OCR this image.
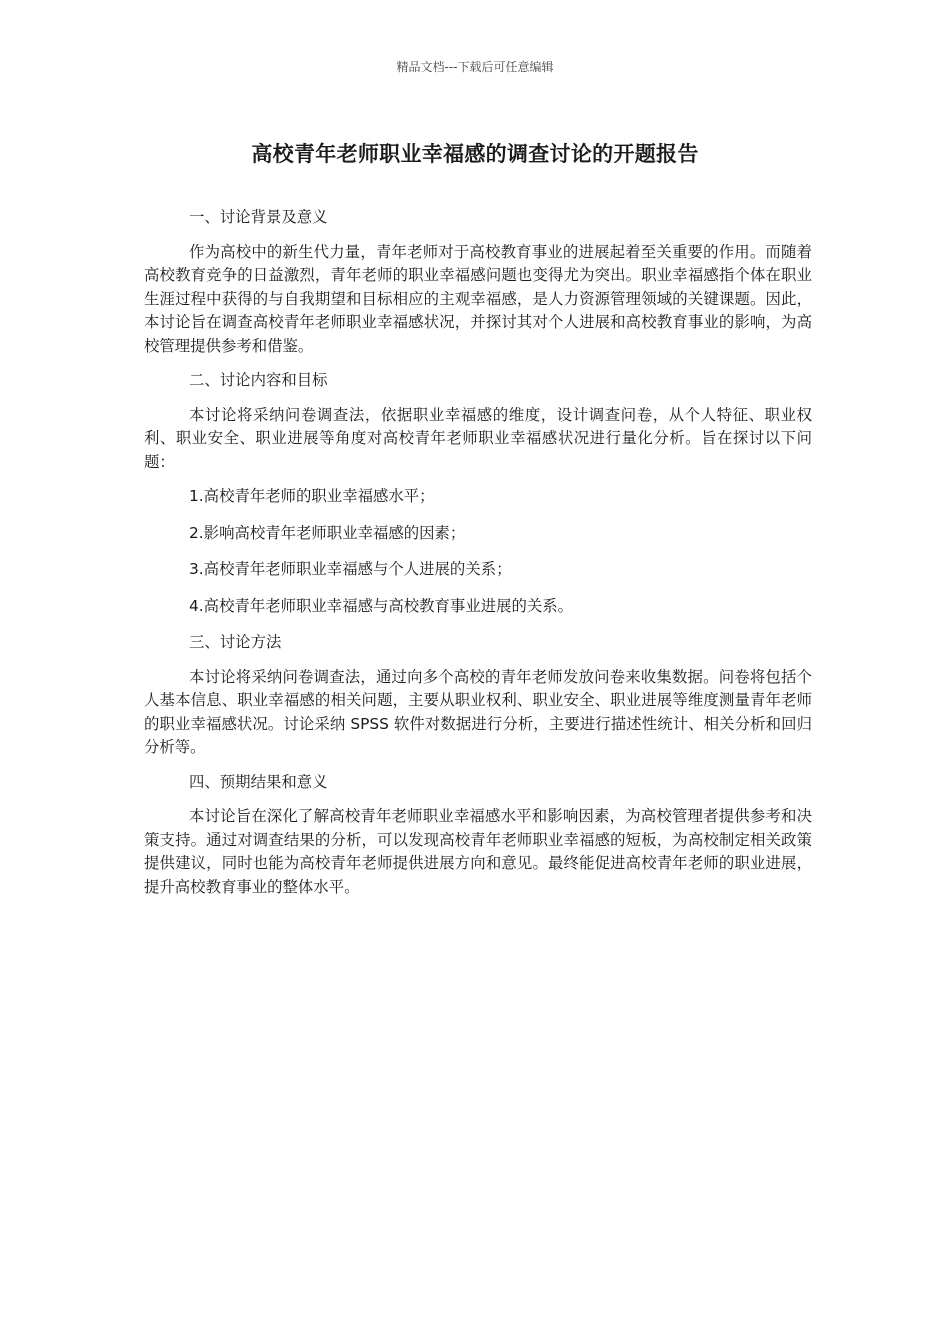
精品文档---下载后可任意编辑
高校青年老师职业幸福感的调查讨论的开题报告

一、讨论背景及意义

作为高校中的新生代力量，青年老师对于高校教育事业的进展起着至关重要的作用。而随着高校教育竞争的日益激烈，青年老师的职业幸福感问题也变得尤为突出。职业幸福感指个体在职业生涯过程中获得的与自我期望和目标相应的主观幸福感，是人力资源管理领域的关键课题。因此，本讨论旨在调查高校青年老师职业幸福感状况，并探讨其对个人进展和高校教育事业的影响，为高校管理提供参考和借鉴。

二、讨论内容和目标

本讨论将采纳问卷调查法，依据职业幸福感的维度，设计调查问卷，从个人特征、职业权利、职业安全、职业进展等角度对高校青年老师职业幸福感状况进行量化分析。旨在探讨以下问题：

1.高校青年老师的职业幸福感水平；

2.影响高校青年老师职业幸福感的因素；

3.高校青年老师职业幸福感与个人进展的关系；

4.高校青年老师职业幸福感与高校教育事业进展的关系。

三、讨论方法

本讨论将采纳问卷调查法，通过向多个高校的青年老师发放问卷来收集数据。问卷将包括个人基本信息、职业幸福感的相关问题，主要从职业权利、职业安全、职业进展等维度测量青年老师的职业幸福感状况。讨论采纳 SPSS 软件对数据进行分析，主要进行描述性统计、相关分析和回归分析等。

四、预期结果和意义

本讨论旨在深化了解高校青年老师职业幸福感水平和影响因素，为高校管理者提供参考和决策支持。通过对调查结果的分析，可以发现高校青年老师职业幸福感的短板，为高校制定相关政策提供建议，同时也能为高校青年老师提供进展方向和意见。最终能促进高校青年老师的职业进展，提升高校教育事业的整体水平。
